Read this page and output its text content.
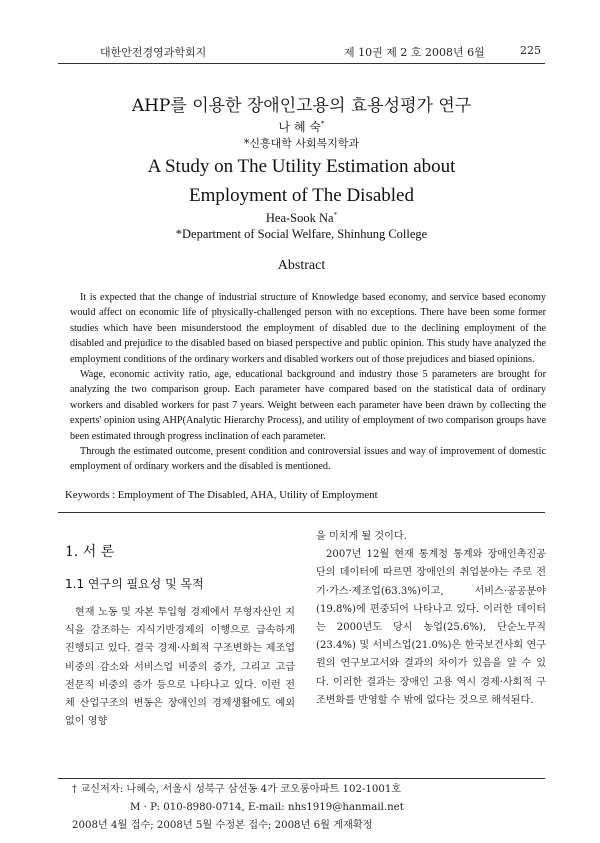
대한안전경영과학회지	제 10권 제 2 호 2008년 6월	225
AHP를 이용한 장애인고용의 효용성평가 연구
나 혜 숙*
*신흥대학 사회복지학과
A Study on The Utility Estimation about
Employment of The Disabled
Hea-Sook Na*
*Department of Social Welfare, Shinhung College
Abstract

It is expected that the change of industrial structure of Knowledge based economy, and service based economy would affect on economic life of physically-challenged person with no exceptions. There have been some former studies which have been misunderstood the employment of disabled due to the declining employment of the disabled and prejudice to the disabled based on biased perspective and public opinion. This study have analyzed the employment conditions of the ordinary workers and disabled workers out of those prejudices and biased opinions.

Wage, economic activity ratio, age, educational background and industry those 5 parameters are brought for analyzing the two comparison group. Each parameter have compared based on the statistical data of ordinary workers and disabled workers for past 7 years. Weight between each parameter have been drawn by collecting the experts' opinion using AHP(Analytic Hierarchy Process), and utility of employment of two comparison groups have been estimated through progress inclination of each parameter.

Through the estimated outcome, present condition and controversial issues and way of improvement of domestic employment of ordinary workers and the disabled is mentioned.

Keywords : Employment of The Disabled, AHA, Utility of Employment
1. 서 론
1.1 연구의 필요성 및 목적

현재 노동 및 자본 투입형 경제에서 무형자산인 지식을 강조하는 지식기반경제의 이행으로 급속하게 진행되고 있다. 결국 경제·사회적 구조변화는 제조업 비중의 감소와 서비스업 비중의 증가, 그리고 고급 전문직 비중의 증가 등으로 나타나고 있다. 이런 전체 산업구조의 변동은 장애인의 경제생활에도 예외 없이 영향

을 미치게 될 것이다.

2007년 12월 현재 통계청 통계와 장애인촉진공단의 데이터에 따르면 장애인의 취업분야는 주로 전기·가스·제조업(63.3%)이고, 서비스·공공분야(19.8%)에 편중되어 나타나고 있다. 이러한 데이터는 2000년도 당시 농업(25.6%), 단순노무직(23.4%) 및 서비스업(21.0%)은 한국보건사회 연구원의 연구보고서와 결과의 차이가 있음을 알 수 있다. 이러한 결과는 장애인 고용 역시 경제·사회적 구조변화를 반영할 수 밖에 없다는 것으로 해석된다.

† 교신저자: 나혜숙, 서울시 성북구 삼선동 4가 코오롱아파트 102-1001호
M · P: 010-8980-0714, E-mail: nhs1919@hanmail.net
2008년 4월 접수; 2008년 5월 수정본 접수; 2008년 6월 게재확정
